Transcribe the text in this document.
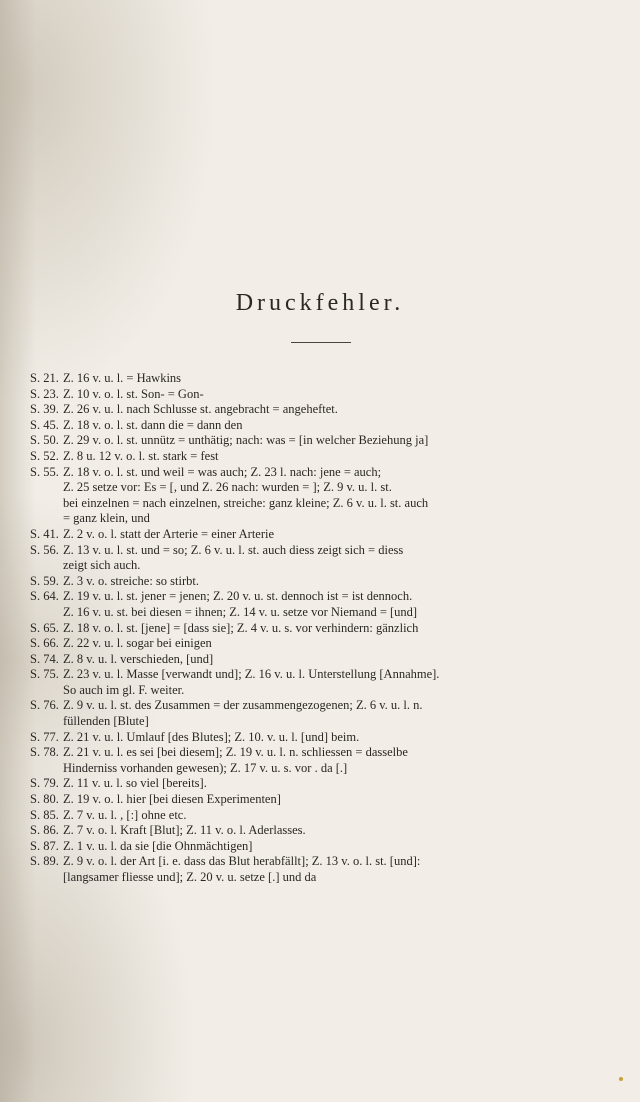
Druckfehler.
S. 21. Z. 16 v. u. l. = Hawkins
S. 23. Z. 10 v. o. l. st. Son- = Gon-
S. 39. Z. 26 v. u. l. nach Schlusse st. angebracht = angeheftet.
S. 45. Z. 18 v. o. l. st. dann die = dann den
S. 50. Z. 29 v. o. l. st. unnütz = unthätig; nach: was = [in welcher Beziehung ja]
S. 52. Z. 8 u. 12 v. o. l. st. stark = fest
S. 55. Z. 18 v. o. l. st. und weil = was auch; Z. 23 l. nach: jene = auch;
Z. 25 setze vor: Es = [, und Z. 26 nach: wurden = ]; Z. 9 v. u. l. st.
bei einzelnen = nach einzelnen, streiche: ganz kleine; Z. 6 v. u. l. st. auch
= ganz klein, und
S. 41. Z. 2 v. o. l. statt der Arterie = einer Arterie
S. 56. Z. 13 v. u. l. st. und = so; Z. 6 v. u. l. st. auch diess zeigt sich = diess
zeigt sich auch.
S. 59. Z. 3 v. o. streiche: so stirbt.
S. 64. Z. 19 v. u. l. st. jener = jenen; Z. 20 v. u. st. dennoch ist = ist dennoch.
Z. 16 v. u. st. bei diesen = ihnen; Z. 14 v. u. setze vor Niemand = [und]
S. 65. Z. 18 v. o. l. st. [jene] = [dass sie]; Z. 4 v. u. s. vor verhindern: gänzlich
S. 66. Z. 22 v. u. l. sogar bei einigen
S. 74. Z. 8 v. u. l. verschieden, [und]
S. 75. Z. 23 v. u. l. Masse [verwandt und]; Z. 16 v. u. l. Unterstellung [Annahme].
So auch im gl. F. weiter.
S. 76. Z. 9 v. u. l. st. des Zusammen = der zusammengezogenen; Z. 6 v. u. l. n.
füllenden [Blute]
S. 77. Z. 21 v. u. l. Umlauf [des Blutes]; Z. 10. v. u. l. [und] beim.
S. 78. Z. 21 v. u. l. es sei [bei diesem]; Z. 19 v. u. l. n. schliessen = dasselbe
Hinderniss vorhanden gewesen); Z. 17 v. u. s. vor . da [.]
S. 79. Z. 11 v. u. l. so viel [bereits].
S. 80. Z. 19 v. o. l. hier [bei diesen Experimenten]
S. 85. Z. 7 v. u. l. , [:] ohne etc.
S. 86. Z. 7 v. o. l. Kraft [Blut]; Z. 11 v. o. l. Aderlasses.
S. 87. Z. 1 v. u. l. da sie [die Ohnmächtigen]
S. 89. Z. 9 v. o. l. der Art [i. e. dass das Blut herabfällt]; Z. 13 v. o. l. st. [und]:
[langsamer fliesse und]; Z. 20 v. u. setze [.] und da
